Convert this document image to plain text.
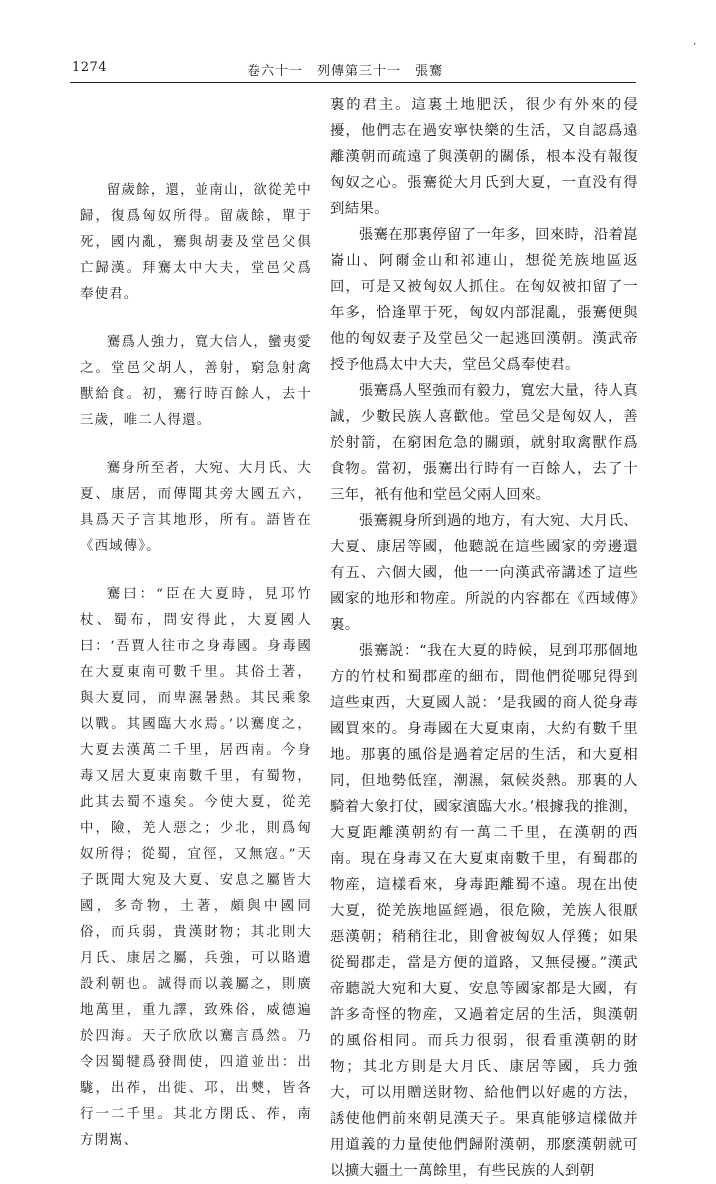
1274	卷六十一　列傳第三十一　張騫
ʻ

留歲餘，還，並南山，欲從羌中歸，復爲匈奴所得。留歲餘，單于死，國内亂，騫與胡妻及堂邑父俱亡歸漢。拜騫太中大夫，堂邑父爲奉使君。

騫爲人強力，寬大信人，蠻夷愛之。堂邑父胡人，善射，窮急射禽獸給食。初，騫行時百餘人，去十三歲，唯二人得還。

騫身所至者，大宛、大月氏、大夏、康居，而傳聞其旁大國五六，具爲天子言其地形，所有。語皆在《西域傳》。

騫曰：“臣在大夏時，見邛竹杖、蜀布，問安得此，大夏國人曰：‘吾賈人往市之身毒國。身毒國在大夏東南可數千里。其俗土著，與大夏同，而卑濕暑熱。其民乘象以戰。其國臨大水焉。’以騫度之，大夏去漢萬二千里，居西南。今身毒又居大夏東南數千里，有蜀物，此其去蜀不遠矣。今使大夏，從羌中，險，羌人惡之；少北，則爲匈奴所得；從蜀，宜徑，又無寇。”天子既聞大宛及大夏、安息之屬皆大國，多奇物，土著，頗與中國同俗，而兵弱，貴漢財物；其北則大月氏、康居之屬，兵強，可以賂遺設利朝也。誠得而以義屬之，則廣地萬里，重九譯，致殊俗，威德遍於四海。天子欣欣以騫言爲然。乃令因蜀犍爲發間使，四道並出：出駹，出莋，出徙、邛，出僰，皆各行一二千里。其北方閉氐、莋，南方閉嶲、

裏的君主。這裏土地肥沃，很少有外來的侵擾，他們志在過安寧快樂的生活，又自認爲遠離漢朝而疏遠了與漢朝的關係，根本没有報復匈奴之心。張騫從大月氏到大夏，一直没有得到結果。

張騫在那裏停留了一年多，回來時，沿着崑崙山、阿爾金山和祁連山，想從羌族地區返回，可是又被匈奴人抓住。在匈奴被扣留了一年多，恰逢單于死，匈奴内部混亂，張騫便與他的匈奴妻子及堂邑父一起逃回漢朝。漢武帝授予他爲太中大夫，堂邑父爲奉使君。

張騫爲人堅強而有毅力，寬宏大量，待人真誠，少數民族人喜歡他。堂邑父是匈奴人，善於射箭，在窮困危急的關頭，就射取禽獸作爲食物。當初，張騫出行時有一百餘人，去了十三年，衹有他和堂邑父兩人回來。

張騫親身所到過的地方，有大宛、大月氏、大夏、康居等國，他聽説在這些國家的旁邊還有五、六個大國，他一一向漢武帝講述了這些國家的地形和物産。所説的内容都在《西域傳》裏。

張騫説：“我在大夏的時候，見到邛那個地方的竹杖和蜀郡産的細布，問他們從哪兒得到這些東西，大夏國人説：‘是我國的商人從身毒國買來的。身毒國在大夏東南，大約有數千里地。那裏的風俗是過着定居的生活，和大夏相同，但地勢低窪，潮濕，氣候炎熱。那裏的人騎着大象打仗，國家濱臨大水。’根據我的推測，大夏距離漢朝約有一萬二千里，在漢朝的西南。現在身毒又在大夏東南數千里，有蜀郡的物産，這樣看來，身毒距離蜀不遠。現在出使大夏，從羌族地區經過，很危險，羌族人很厭惡漢朝；稍稍往北，則會被匈奴人俘獲；如果從蜀郡走，當是方便的道路，又無侵擾。”漢武帝聽説大宛和大夏、安息等國家都是大國，有許多奇怪的物産，又過着定居的生活，與漢朝的風俗相同。而兵力很弱，很看重漢朝的財物；其北方則是大月氏、康居等國，兵力強大，可以用贈送財物、給他們以好處的方法，誘使他們前來朝見漢天子。果真能够這樣做并用道義的力量使他們歸附漢朝，那麽漢朝就可以擴大疆土一萬餘里，有些民族的人到朝
